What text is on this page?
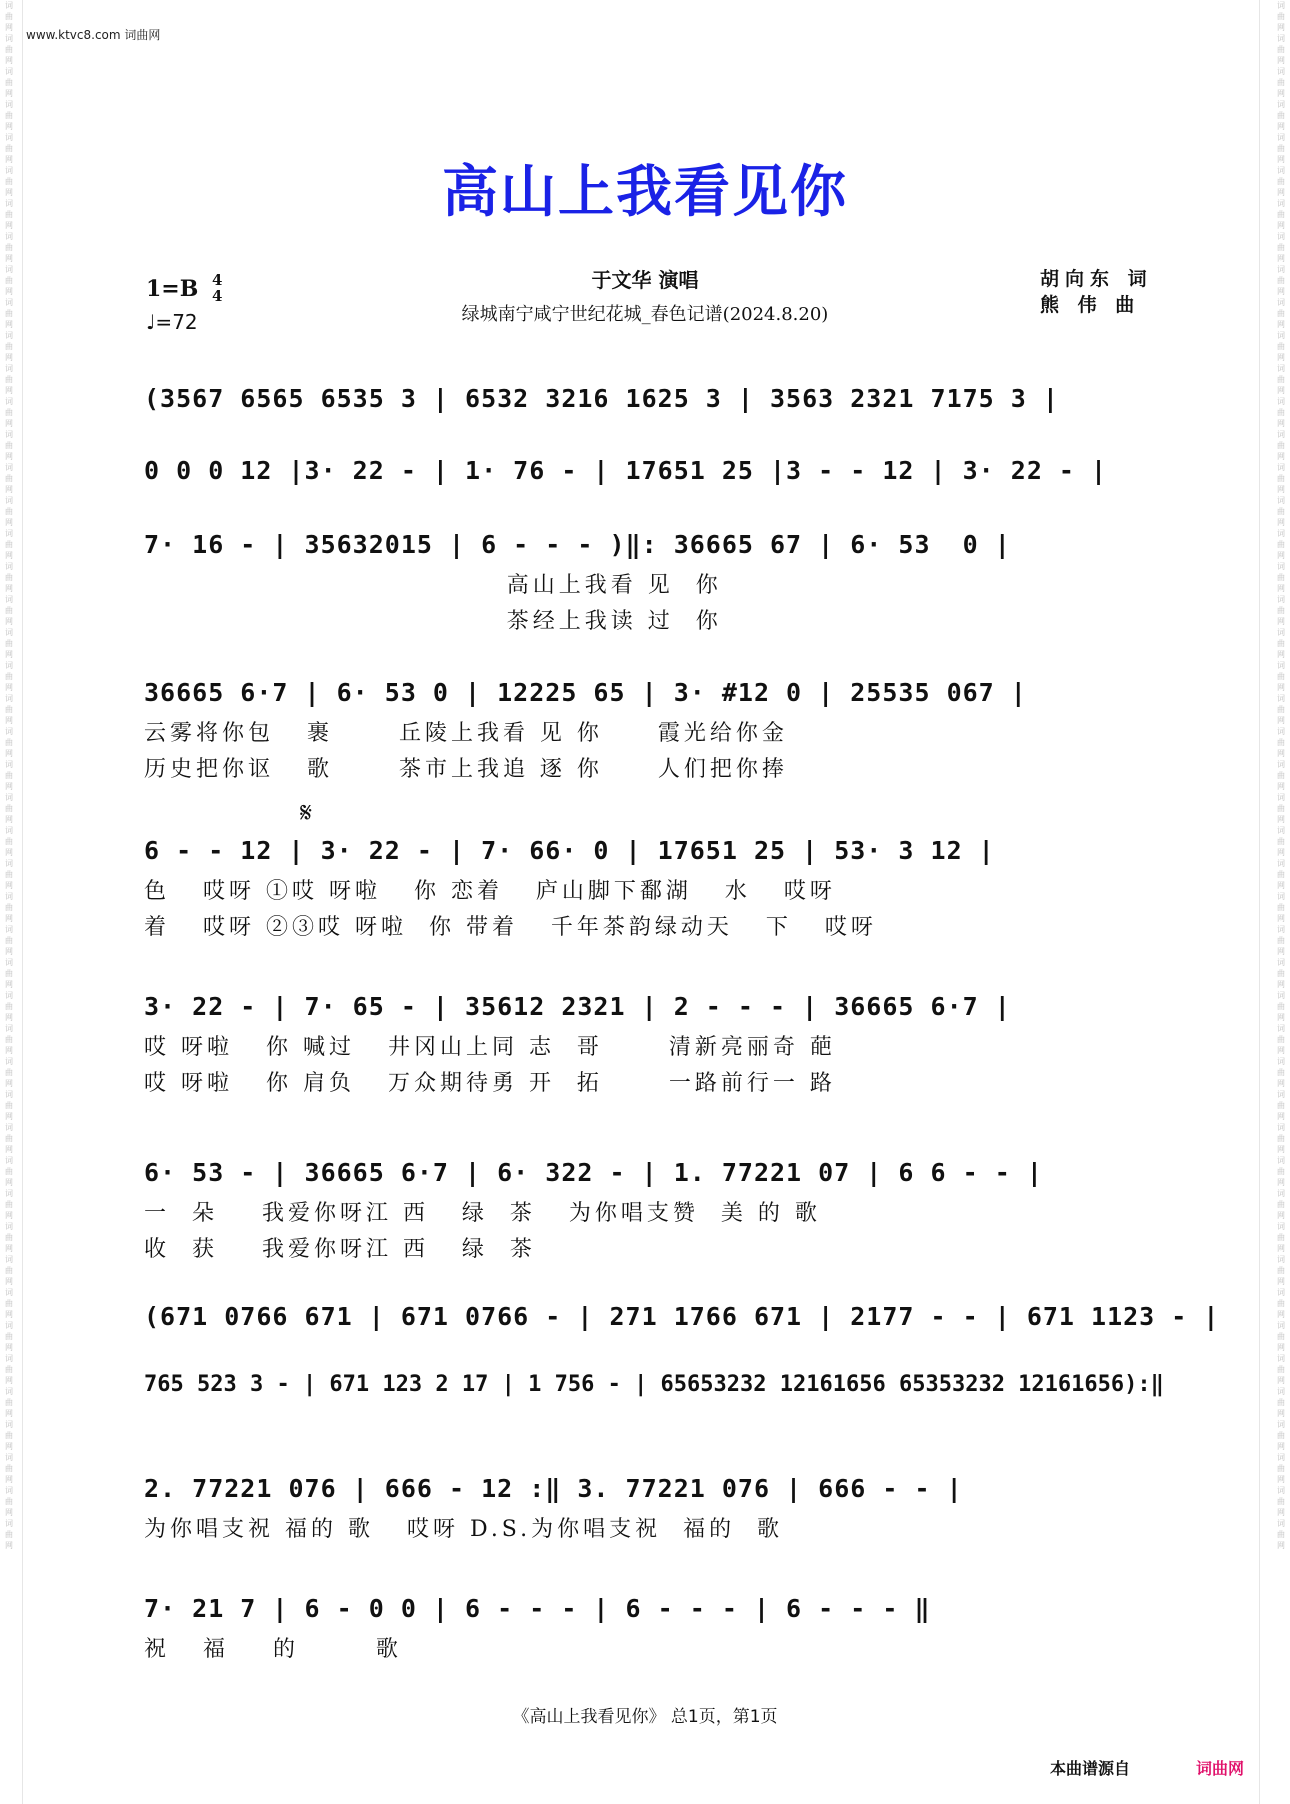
词曲网词曲网词曲网词曲网词曲网词曲网词曲网词曲网词曲网词曲网词曲网词曲网词曲网词曲网词曲网词曲网词曲网词曲网词曲网词曲网词曲网词曲网词曲网词曲网词曲网词曲网词曲网词曲网词曲网词曲网词曲网词曲网词曲网词曲网词曲网词曲网词曲网词曲网词曲网词曲网词曲网词曲网词曲网词曲网词曲网词曲网词曲网
词曲网词曲网词曲网词曲网词曲网词曲网词曲网词曲网词曲网词曲网词曲网词曲网词曲网词曲网词曲网词曲网词曲网词曲网词曲网词曲网词曲网词曲网词曲网词曲网词曲网词曲网词曲网词曲网词曲网词曲网词曲网词曲网词曲网词曲网词曲网词曲网词曲网词曲网词曲网词曲网词曲网词曲网词曲网词曲网词曲网词曲网词曲网
www.ktvc8.com 词曲网
高山上我看见你
1=B 4
4
♩=72
于文华 演唱
绿城南宁咸宁世纪花城_春色记谱(2024.8.20)
胡向东 词
熊 伟 曲
(3567 6565 6535 3 | 6532 3216 1625 3 | 3563 2321 7175 3 |
0 0 0 12 |3· 22 - | 1· 76 - | 17651 25 |3 - - 12 | 3· 22 - |
7· 16 - | 35632015 | 6 - - - )‖: 36665 67 | 6· 53  0 |
高山上我看 见  你
茶经上我读 过  你
36665 6·7 | 6· 53 0 | 12225 65 | 3· #12 0 | 25535 067 |
云雾将你包   裹      丘陵上我看 见 你     霞光给你金
历史把你讴   歌      茶市上我追 逐 你     人们把你捧
𝄋
6 - - 12 | 3· 22 - | 7· 66· 0 | 17651 25 | 53· 3 12 |
色   哎呀 ①哎 呀啦   你 恋着   庐山脚下鄱湖   水   哎呀
着   哎呀 ②③哎 呀啦  你 带着   千年茶韵绿动天   下   哎呀
3· 22 - | 7· 65 - | 35612 2321 | 2 - - - | 36665 6·7 |
哎 呀啦   你 喊过   井冈山上同 志  哥      清新亮丽奇 葩
哎 呀啦   你 肩负   万众期待勇 开  拓      一路前行一 路
6· 53 - | 36665 6·7 | 6· 322 - | 1. 77221 07 | 6 6 - - |
一  朵    我爱你呀江 西   绿  茶   为你唱支赞  美 的 歌
收  获    我爱你呀江 西   绿  茶
(671 0766 671 | 671 0766 - | 271 1766 671 | 2177 - - | 671 1123 - |
765 523 3 - | 671 123 2 17 | 1 756 - | 65653232 12161656 65353232 12161656):‖
2. 77221 076 | 666 - 12 :‖ 3. 77221 076 | 666 - - |
为你唱支祝 福的 歌   哎呀 D.S.为你唱支祝  福的  歌
7· 21 7 | 6 - 0 0 | 6 - - - | 6 - - - | 6 - - - ‖
祝   福    的       歌
《高山上我看见你》 总1页，第1页
本曲谱源自	词曲网
